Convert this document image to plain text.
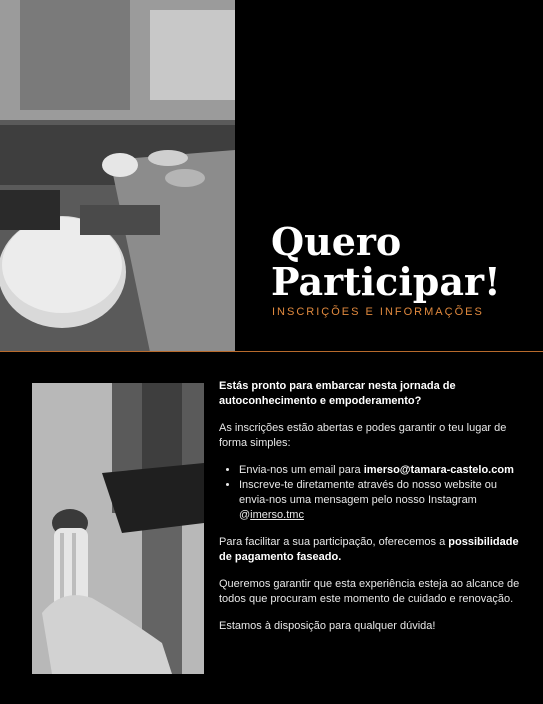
Quero
Participar!
INSCRIÇÕES E INFORMAÇÕES

Estás pronto para embarcar nesta jornada de autoconhecimento e empoderamento?

As inscrições estão abertas e podes garantir o teu lugar de forma simples:

• Envia-nos um email para imerso@tamara-castelo.com
• Inscreve-te diretamente através do nosso website ou envia-nos uma mensagem pelo nosso Instagram @imerso.tmc

Para facilitar a sua participação, oferecemos a possibilidade de pagamento faseado.

Queremos garantir que esta experiência esteja ao alcance de todos que procuram este momento de cuidado e renovação.

Estamos à disposição para qualquer dúvida!
